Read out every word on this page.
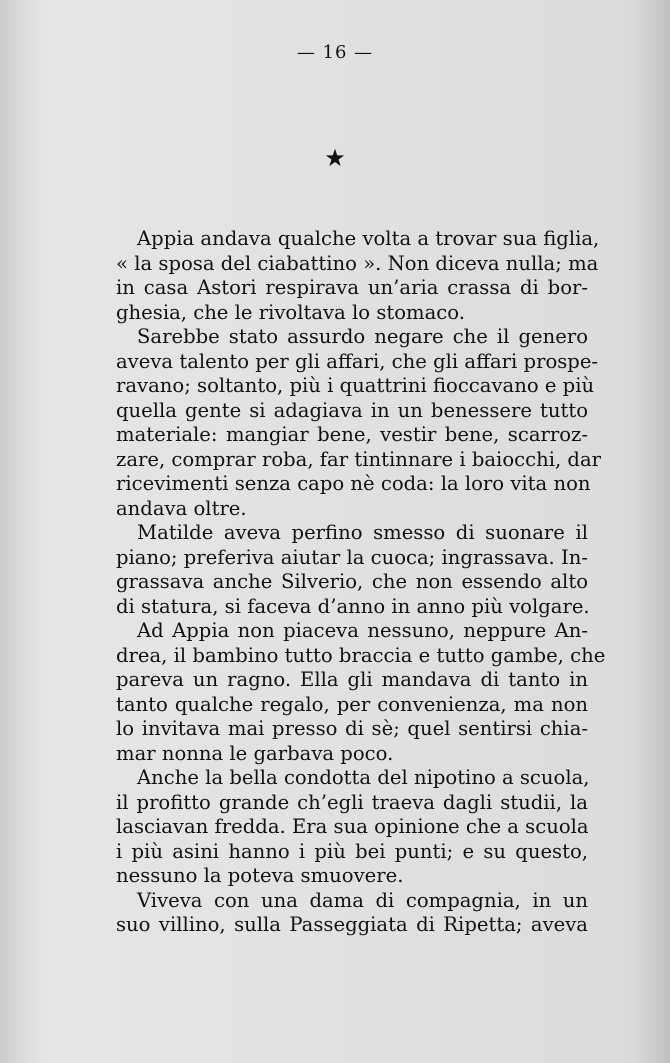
— 16 —
★
Appia andava qualche volta a trovar sua figlia,
« la sposa del ciabattino ». Non diceva nulla; ma
in casa Astori respirava un’aria crassa di bor-
ghesia, che le rivoltava lo stomaco.
Sarebbe stato assurdo negare che il genero
aveva talento per gli affari, che gli affari prospe-
ravano; soltanto, più i quattrini fioccavano e più
quella gente si adagiava in un benessere tutto
materiale: mangiar bene, vestir bene, scarroz-
zare, comprar roba, far tintinnare i baiocchi, dar
ricevimenti senza capo nè coda: la loro vita non
andava oltre.
Matilde aveva perfino smesso di suonare il
piano; preferiva aiutar la cuoca; ingrassava. In-
grassava anche Silverio, che non essendo alto
di statura, si faceva d’anno in anno più volgare.
Ad Appia non piaceva nessuno, neppure An-
drea, il bambino tutto braccia e tutto gambe, che
pareva un ragno. Ella gli mandava di tanto in
tanto qualche regalo, per convenienza, ma non
lo invitava mai presso di sè; quel sentirsi chia-
mar nonna le garbava poco.
Anche la bella condotta del nipotino a scuola,
il profitto grande ch’egli traeva dagli studii, la
lasciavan fredda. Era sua opinione che a scuola
i più asini hanno i più bei punti; e su questo,
nessuno la poteva smuovere.
Viveva con una dama di compagnia, in un
suo villino, sulla Passeggiata di Ripetta; aveva
